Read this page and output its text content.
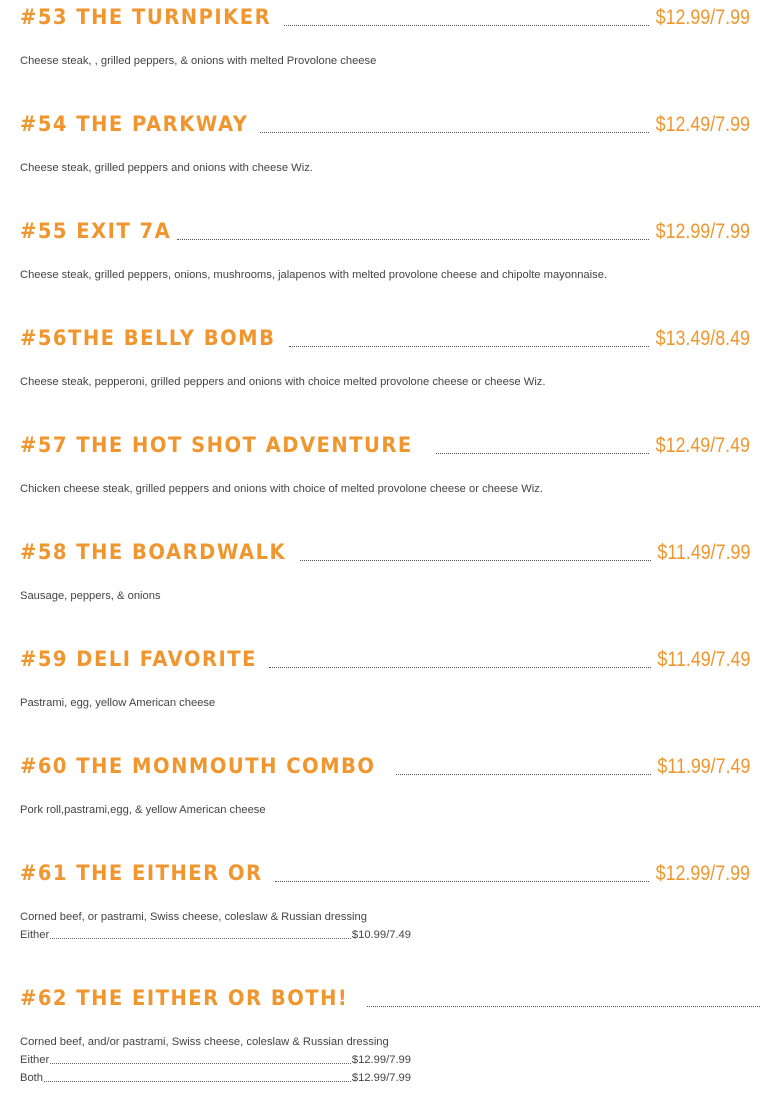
#53 THE TURNPIKER	$12.99/7.99
Cheese steak, , grilled peppers, & onions with melted Provolone cheese
#54 THE PARKWAY	$12.49/7.99
Cheese steak, grilled peppers and onions with cheese Wiz.
#55 EXIT 7A	$12.99/7.99
Cheese steak, grilled peppers, onions, mushrooms, jalapenos with melted provolone cheese and chipolte mayonnaise.
#56THE BELLY BOMB	$13.49/8.49
Cheese steak, pepperoni, grilled peppers and onions with choice melted provolone cheese or cheese Wiz.
#57 THE HOT SHOT ADVENTURE	$12.49/7.49
Chicken cheese steak, grilled peppers and onions with choice of melted provolone cheese or cheese Wiz.
#58 THE BOARDWALK	$11.49/7.99
Sausage, peppers, & onions
#59 DELI FAVORITE	$11.49/7.49
Pastrami, egg, yellow American cheese
#60 THE MONMOUTH COMBO	$11.99/7.49
Pork roll,pastrami,egg, & yellow American cheese
#61 THE EITHER OR	$12.99/7.99
Corned beef, or pastrami, Swiss cheese, coleslaw & Russian dressing
Either	$10.99/7.49
#62 THE EITHER OR BOTH!
Corned beef, and/or pastrami, Swiss cheese, coleslaw & Russian dressing
Either	$12.99/7.99
Both	$12.99/7.99
